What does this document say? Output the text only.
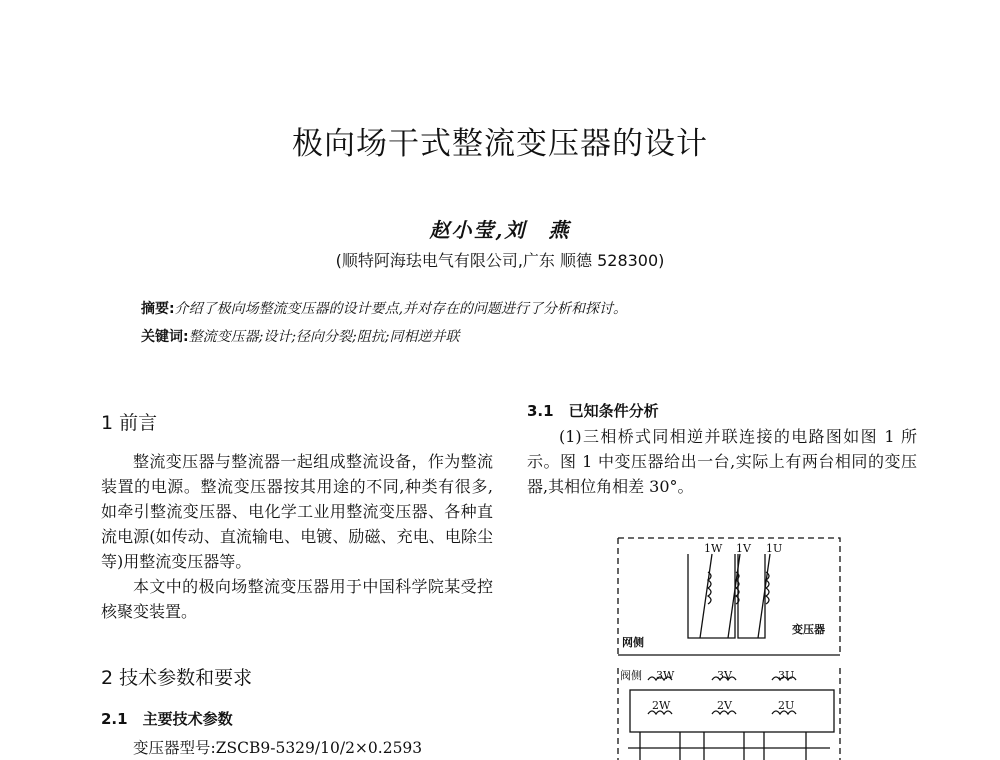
极向场干式整流变压器的设计
赵小莹,刘　燕
(顺特阿海珐电气有限公司,广东 顺德 528300)
摘要:介绍了极向场整流变压器的设计要点,并对存在的问题进行了分析和探讨。
关键词:整流变压器;设计;径向分裂;阻抗;同相逆并联
1 前言

整流变压器与整流器一起组成整流设备，作为整流装置的电源。整流变压器按其用途的不同,种类有很多,如牵引整流变压器、电化学工业用整流变压器、各种直流电源(如传动、直流输电、电镀、励磁、充电、电除尘等)用整流变压器等。

本文中的极向场整流变压器用于中国科学院某受控核聚变装置。

2 技术参数和要求
2.1　主要技术参数
变压器型号:ZSCB9-5329/10/2×0.2593
3.1　已知条件分析

(1)三相桥式同相逆并联连接的电路图如图 1 所示。图 1 中变压器给出一台,实际上有两台相同的变压器,其相位角相差 30°。

1W 1V 1U
网侧
变压器
阀侧 3W	3V	3U
2W	2V	2U
